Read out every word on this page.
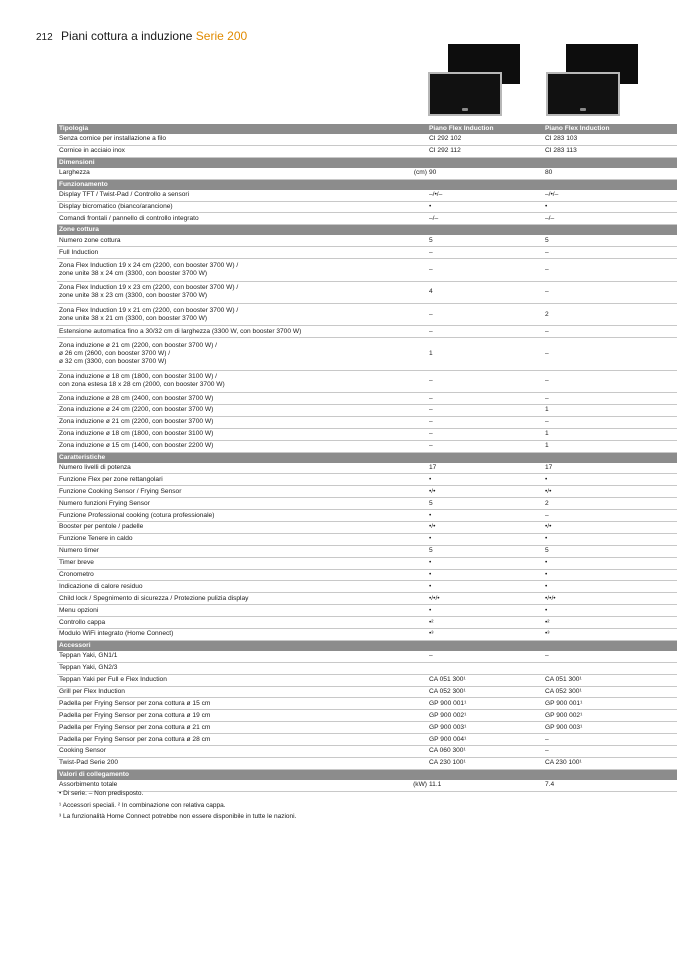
212 Piani cottura a induzione Serie 200
Tipologia		Piano Flex Induction	Piano Flex Induction
Senza cornice per installazione a filo		CI 292 102	CI 283 103
Cornice in acciaio inox		CI 292 112	CI 283 113
Dimensioni			
Larghezza	(cm)	90	80
Funzionamento			
Display TFT / Twist-Pad / Controllo a sensori		–/•/–	–/•/–
Display bicromatico (bianco/arancione)		•	•
Comandi frontali / pannello di controllo integrato		–/–	–/–
Zone cottura			
Numero zone cottura		5	5
Full Induction		–	–
Zona Flex Induction 19 x 24 cm (2200, con booster 3700 W) /
zone unite 38 x 24 cm (3300, con booster 3700 W)		–	–
Zona Flex Induction 19 x 23 cm (2200, con booster 3700 W) /
zone unite 38 x 23 cm (3300, con booster 3700 W)		4	–
Zona Flex Induction 19 x 21 cm (2200, con booster 3700 W) /
zone unite 38 x 21 cm (3300, con booster 3700 W)		–	2
Estensione automatica fino a 30/32 cm di larghezza (3300 W, con booster 3700 W)		–	–
Zona induzione ø 21 cm (2200, con booster 3700 W) /
ø 26 cm (2600, con booster 3700 W) /
ø 32 cm (3300, con booster 3700 W)		1	–
Zona induzione ø 18 cm (1800, con booster 3100 W) /
con zona estesa 18 x 28 cm (2000, con booster 3700 W)		–	–
Zona induzione ø 28 cm (2400, con booster 3700 W)		–	–
Zona induzione ø 24 cm (2200, con booster 3700 W)		–	1
Zona induzione ø 21 cm (2200, con booster 3700 W)		–	–
Zona induzione ø 18 cm (1800, con booster 3100 W)		–	1
Zona induzione ø 15 cm (1400, con booster 2200 W)		–	1
Caratteristiche			
Numero livelli di potenza		17	17
Funzione Flex per zone rettangolari		•	•
Funzione Cooking Sensor / Frying Sensor		•/•	•/•
Numero funzioni Frying Sensor		5	2
Funzione Professional cooking (cotura professionale)		•	–
Booster per pentole / padelle		•/•	•/•
Funzione Tenere in caldo		•	•
Numero timer		5	5
Timer breve		•	•
Cronometro		•	•
Indicazione di calore residuo		•	•
Child lock / Spegnimento di sicurezza / Protezione pulizia display		•/•/•	•/•/•
Menu opzioni		•	•
Controllo cappa		•²	•²
Modulo WiFi integrato (Home Connect)		•³	•³
Accessori			
Teppan Yaki, GN1/1		–	–
Teppan Yaki, GN2/3			
Teppan Yaki per Full e Flex Induction		CA 051 300¹	CA 051 300¹
Grill per Flex Induction		CA 052 300¹	CA 052 300¹
Padella per Frying Sensor per zona cottura ø 15 cm		GP 900 001¹	GP 900 001¹
Padella per Frying Sensor per zona cottura ø 19 cm		GP 900 002¹	GP 900 002¹
Padella per Frying Sensor per zona cottura ø 21 cm		GP 900 003¹	GP 900 003¹
Padella per Frying Sensor per zona cottura ø 28 cm		GP 900 004¹	–
Cooking Sensor		CA 060 300¹	–
Twist-Pad Serie 200		CA 230 100¹	CA 230 100¹
Valori di collegamento			
Assorbimento totale	(kW)	11.1	7.4
• Di serie. – Non predisposto.
¹ Accessori speciali. ² In combinazione con relativa cappa.
³ La funzionalità Home Connect potrebbe non essere disponibile in tutte le nazioni.
